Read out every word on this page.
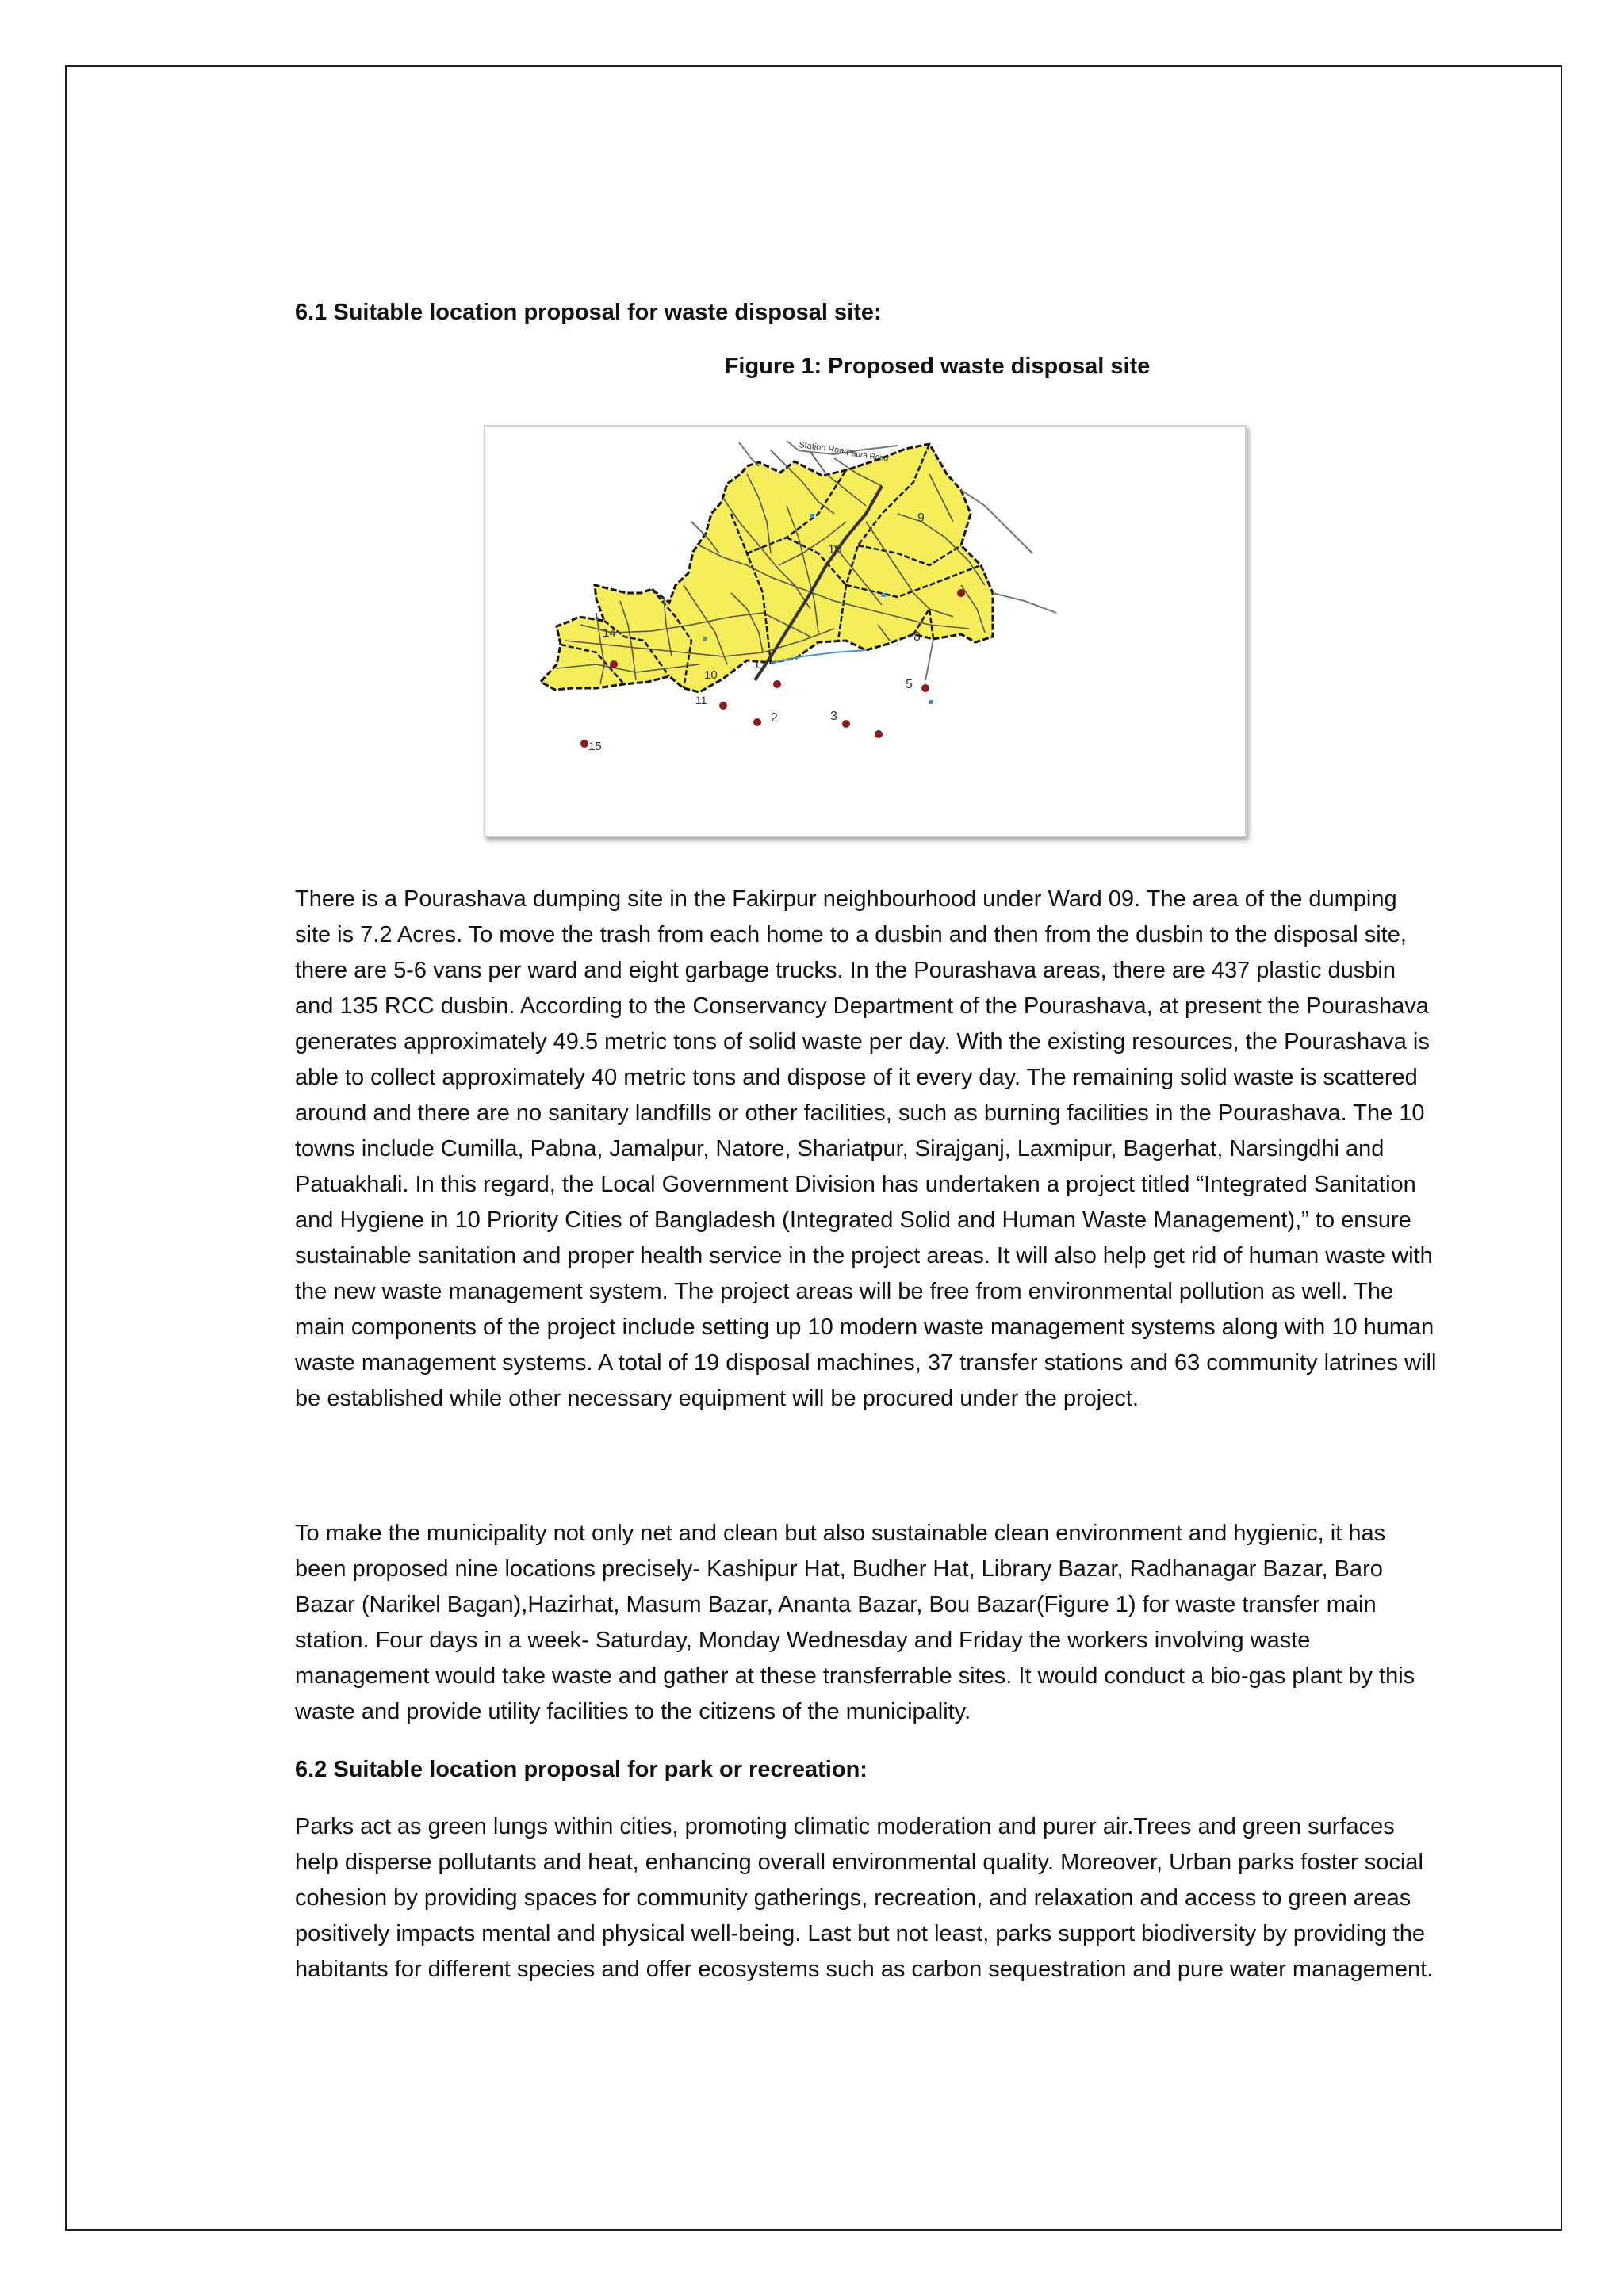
6.1 Suitable location proposal for waste disposal site:

Figure 1: Proposed waste disposal site

Station Road
Paura Road
9
10
8
14
15
1
2	3
5
10
11

There is a Pourashava dumping site in the Fakirpur neighbourhood under Ward 09. The area of the dumping site is 7.2 Acres. To move the trash from each home to a dusbin and then from the dusbin to the disposal site, there are 5-6 vans per ward and eight garbage trucks. In the Pourashava areas, there are 437 plastic dusbin and 135 RCC dusbin. According to the Conservancy Department of the Pourashava, at present the Pourashava generates approximately 49.5 metric tons of solid waste per day. With the existing resources, the Pourashava is able to collect approximately 40 metric tons and dispose of it every day. The remaining solid waste is scattered around and there are no sanitary landfills or other facilities, such as burning facilities in the Pourashava. The 10 towns include Cumilla, Pabna, Jamalpur, Natore, Shariatpur, Sirajganj, Laxmipur, Bagerhat, Narsingdhi and Patuakhali. In this regard, the Local Government Division has undertaken a project titled “Integrated Sanitation and Hygiene in 10 Priority Cities of Bangladesh (Integrated Solid and Human Waste Management),” to ensure sustainable sanitation and proper health service in the project areas. It will also help get rid of human waste with the new waste management system. The project areas will be free from environmental pollution as well. The main components of the project include setting up 10 modern waste management systems along with 10 human waste management systems. A total of 19 disposal machines, 37 transfer stations and 63 community latrines will be established while other necessary equipment will be procured under the project.

To make the municipality not only net and clean but also sustainable clean environment and hygienic, it has been proposed nine locations precisely- Kashipur Hat, Budher Hat, Library Bazar, Radhanagar Bazar, Baro Bazar (Narikel Bagan),Hazirhat, Masum Bazar, Ananta Bazar, Bou Bazar(Figure 1) for waste transfer main station. Four days in a week- Saturday, Monday Wednesday and Friday the workers involving waste management would take waste and gather at these transferrable sites. It would conduct a bio-gas plant by this waste and provide utility facilities to the citizens of the municipality.

6.2 Suitable location proposal for park or recreation:

Parks act as green lungs within cities, promoting climatic moderation and purer air.Trees and green surfaces help disperse pollutants and heat, enhancing overall environmental quality. Moreover, Urban parks foster social cohesion by providing spaces for community gatherings, recreation, and relaxation and access to green areas positively impacts mental and physical well-being. Last but not least, parks support biodiversity by providing the habitants for different species and offer ecosystems such as carbon sequestration and pure water management.
